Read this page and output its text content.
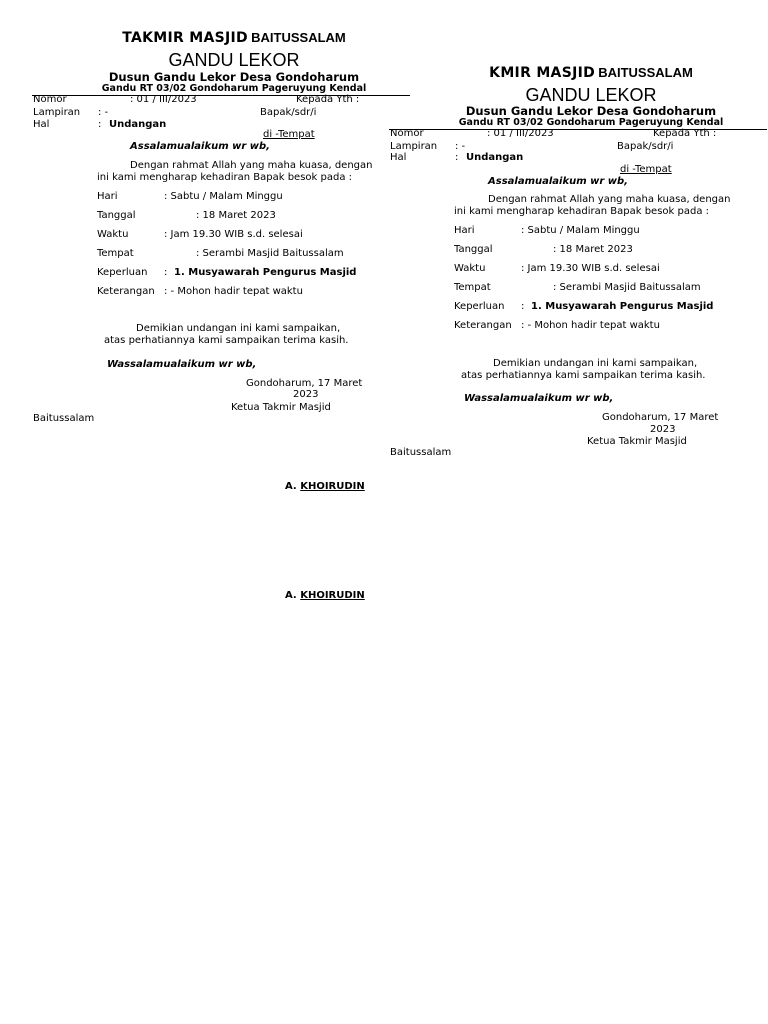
TAKMIR MASJID BAITUSSALAM
GANDU LEKOR
Dusun Gandu Lekor Desa Gondoharum
Gandu RT 03/02 Gondoharum Pageruyung Kendal
Nomor	: 01 / III/2023	Kepada Yth :
Lampiran : -	Bapak/sdr/i
Hal	: Undangan
di -Tempat
Assalamualaikum wr wb,
Dengan rahmat Allah yang maha kuasa, dengan
ini kami mengharap kehadiran Bapak besok pada :
Hari	: Sabtu / Malam Minggu
Tanggal	: 18 Maret 2023
Waktu	: Jam 19.30 WIB s.d. selesai
Tempat	: Serambi Masjid Baitussalam
Keperluan : 1. Musyawarah Pengurus Masjid
Keterangan : - Mohon hadir tepat waktu
Demikian undangan ini kami sampaikan,
atas perhatiannya kami sampaikan terima kasih.
Wassalamualaikum wr wb,
Gondoharum, 17 Maret
2023
Ketua Takmir Masjid
Baitussalam
A. KHOIRUDIN
KMIR MASJID BAITUSSALAM
GANDU LEKOR
Dusun Gandu Lekor Desa Gondoharum
Gandu RT 03/02 Gondoharum Pageruyung Kendal
Nomor	: 01 / III/2023	Kepada Yth :
Lampiran : -	Bapak/sdr/i
Hal	: Undangan
di -Tempat
Assalamualaikum wr wb,
Dengan rahmat Allah yang maha kuasa, dengan
ini kami mengharap kehadiran Bapak besok pada :
Hari	: Sabtu / Malam Minggu
Tanggal	: 18 Maret 2023
Waktu	: Jam 19.30 WIB s.d. selesai
Tempat	: Serambi Masjid Baitussalam
Keperluan : 1. Musyawarah Pengurus Masjid
Keterangan : - Mohon hadir tepat waktu
Demikian undangan ini kami sampaikan,
atas perhatiannya kami sampaikan terima kasih.
Wassalamualaikum wr wb,
Gondoharum, 17 Maret
2023
Ketua Takmir Masjid
Baitussalam
A. KHOIRUDIN
